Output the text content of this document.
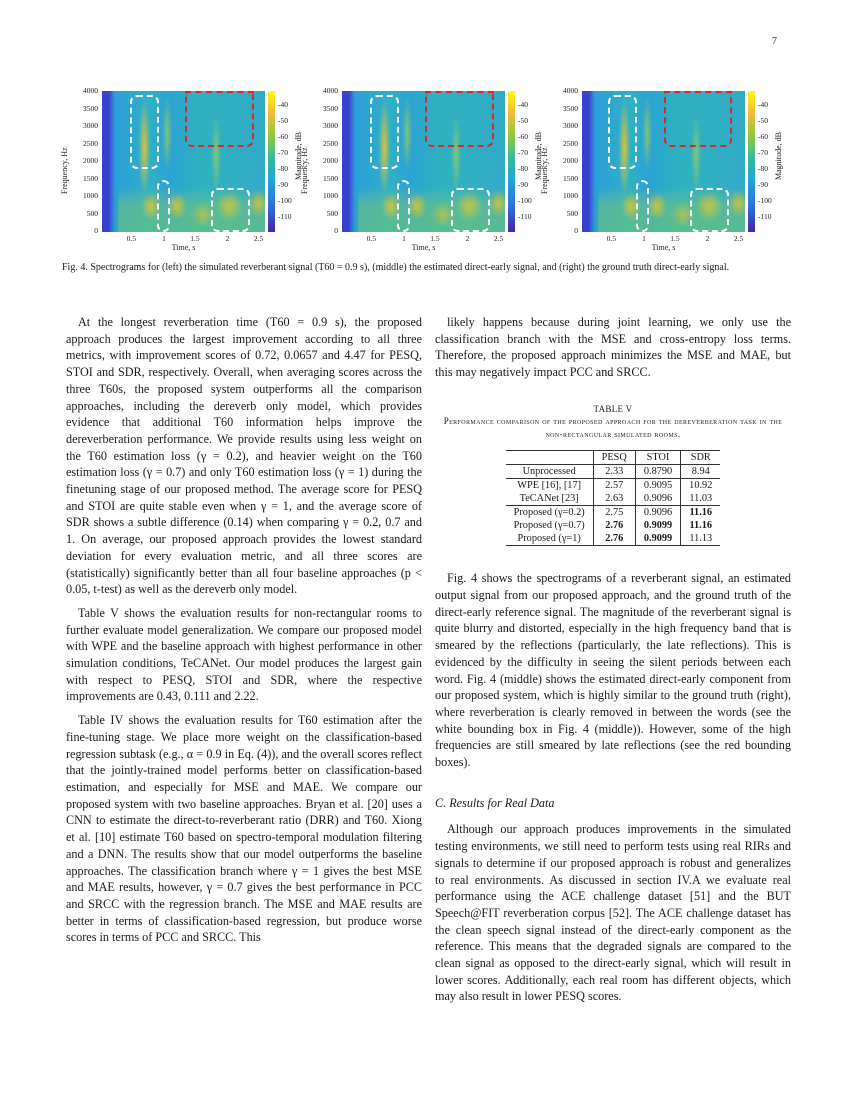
7
Frequency, Hz
4000
3500
3000
2500
2000
1500
1000
500
0
0.5	1	1.5	2	2.5
Time, s
-40
-50
-60
-70
-80
-90
-100
-110
Magnitude, dB
Frequency, Hz
4000
3500
3000
2500
2000
1500
1000
500
0
0.5	1	1.5	2	2.5
Time, s
-40
-50
-60
-70
-80
-90
-100
-110
Magnitude, dB
Frequency, Hz
4000
3500
3000
2500
2000
1500
1000
500
0
0.5	1	1.5	2	2.5
Time, s
-40
-50
-60
-70
-80
-90
-100
-110
Magnitude, dB
Fig. 4. Spectrograms for (left) the simulated reverberant signal (T60 = 0.9 s), (middle) the estimated direct-early signal, and (right) the ground truth direct-early signal.

At the longest reverberation time (T60 = 0.9 s), the proposed approach produces the largest improvement according to all three metrics, with improvement scores of 0.72, 0.0657 and 4.47 for PESQ, STOI and SDR, respectively. Overall, when averaging scores across the three T60s, the proposed system outperforms all the comparison approaches, including the dereverb only model, which provides evidence that additional T60 information helps improve the dereverberation performance. We provide results using less weight on the T60 estimation loss (γ = 0.2), and heavier weight on the T60 estimation loss (γ = 0.7) and only T60 estimation loss (γ = 1) during the finetuning stage of our proposed method. The average score for PESQ and STOI are quite stable even when γ = 1, and the average score of SDR shows a subtle difference (0.14) when comparing γ = 0.2, 0.7 and 1. On average, our proposed approach provides the lowest standard deviation for every evaluation metric, and all three scores are (statistically) significantly better than all four baseline approaches (p < 0.05, t-test) as well as the dereverb only model.

Table V shows the evaluation results for non-rectangular rooms to further evaluate model generalization. We compare our proposed model with WPE and the baseline approach with highest performance in other simulation conditions, TeCANet. Our model produces the largest gain with respect to PESQ, STOI and SDR, where the respective improvements are 0.43, 0.111 and 2.22.

Table IV shows the evaluation results for T60 estimation after the fine-tuning stage. We place more weight on the classification-based regression subtask (e.g., α = 0.9 in Eq. (4)), and the overall scores reflect that the jointly-trained model performs better on classification-based estimation, and especially for MSE and MAE. We compare our proposed system with two baseline approaches. Bryan et al. [20] uses a CNN to estimate the direct-to-reverberant ratio (DRR) and T60. Xiong et al. [10] estimate T60 based on spectro-temporal modulation filtering and a DNN. The results show that our model outperforms the baseline approaches. The classification branch where γ = 1 gives the best MSE and MAE results, however, γ = 0.7 gives the best performance in PCC and SRCC with the regression branch. The MSE and MAE results are better in terms of classification-based regression, but produce worse scores in terms of PCC and SRCC. This

likely happens because during joint learning, we only use the classification branch with the MSE and cross-entropy loss terms. Therefore, the proposed approach minimizes the MSE and MAE, but this may negatively impact PCC and SRCC.

TABLE V
Performance comparison of the proposed approach for the dereverberation task in the non-rectangular simulated rooms.
	PESQ	STOI	SDR
Unprocessed	2.33	0.8790	8.94
WPE [16], [17]	2.57	0.9095	10.92
TeCANet [23]	2.63	0.9096	11.03
Proposed (γ=0.2)	2.75	0.9096	11.16
Proposed (γ=0.7)	2.76	0.9099	11.16
Proposed (γ=1)	2.76	0.9099	11.13

Fig. 4 shows the spectrograms of a reverberant signal, an estimated output signal from our proposed approach, and the ground truth of the direct-early reference signal. The magnitude of the reverberant signal is quite blurry and distorted, especially in the high frequency band that is smeared by the reflections (particularly, the late reflections). This is evidenced by the difficulty in seeing the silent periods between each word. Fig. 4 (middle) shows the estimated direct-early component from our proposed system, which is highly similar to the ground truth (right), where reverberation is clearly removed in between the words (see the white bounding box in Fig. 4 (middle)). However, some of the high frequencies are still smeared by late reflections (see the red bounding boxes).

C. Results for Real Data

Although our approach produces improvements in the simulated testing environments, we still need to perform tests using real RIRs and signals to determine if our proposed approach is robust and generalizes to real environments. As discussed in section IV.A we evaluate real performance using the ACE challenge dataset [51] and the BUT Speech@FIT reverberation corpus [52]. The ACE challenge dataset has the clean speech signal instead of the direct-early component as the reference. This means that the degraded signals are compared to the clean signal as opposed to the direct-early signal, which will result in lower scores. Additionally, each real room has different objects, which may also result in lower PESQ scores.
